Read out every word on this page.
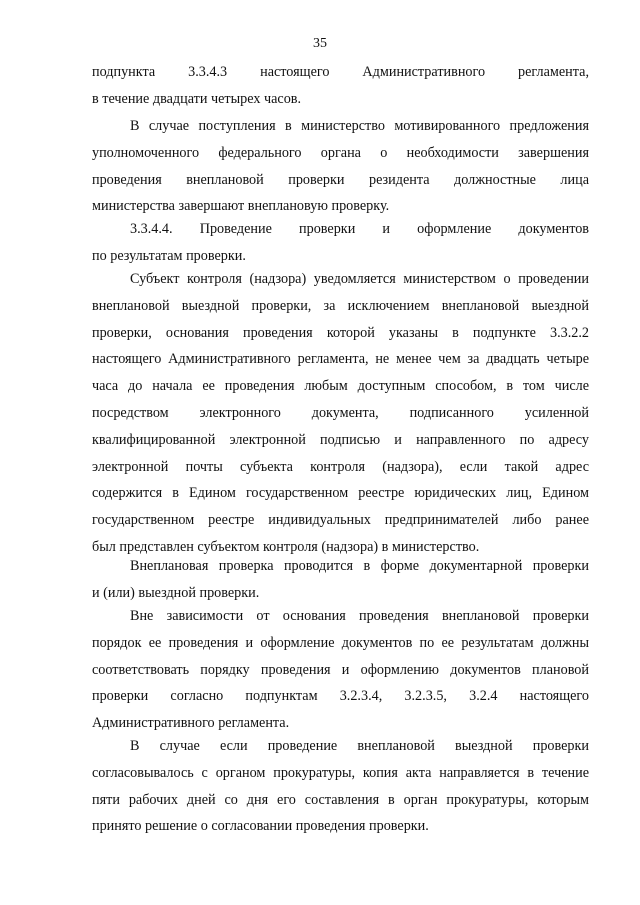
35
подпункта 3.3.4.3 настоящего Административного регламента,
в течение двадцати четырех часов.
В случае поступления в министерство мотивированного предложения
уполномоченного федерального органа о необходимости завершения
проведения внеплановой проверки резидента должностные лица
министерства завершают внеплановую проверку.
3.3.4.4. Проведение проверки и оформление документов
по результатам проверки.
Субъект контроля (надзора) уведомляется министерством о проведении
внеплановой выездной проверки, за исключением внеплановой выездной
проверки, основания проведения которой указаны в подпункте 3.3.2.2
настоящего Административного регламента, не менее чем за двадцать четыре
часа до начала ее проведения любым доступным способом, в том числе
посредством электронного документа, подписанного усиленной
квалифицированной электронной подписью и направленного по адресу
электронной почты субъекта контроля (надзора), если такой адрес
содержится в Едином государственном реестре юридических лиц, Едином
государственном реестре индивидуальных предпринимателей либо ранее
был представлен субъектом контроля (надзора) в министерство.
Внеплановая проверка проводится в форме документарной проверки
и (или) выездной проверки.
Вне зависимости от основания проведения внеплановой проверки
порядок ее проведения и оформление документов по ее результатам должны
соответствовать порядку проведения и оформлению документов плановой
проверки согласно подпунктам 3.2.3.4, 3.2.3.5, 3.2.4 настоящего
Административного регламента.
В случае если проведение внеплановой выездной проверки
согласовывалось с органом прокуратуры, копия акта направляется в течение
пяти рабочих дней со дня его составления в орган прокуратуры, которым
принято решение о согласовании проведения проверки.
